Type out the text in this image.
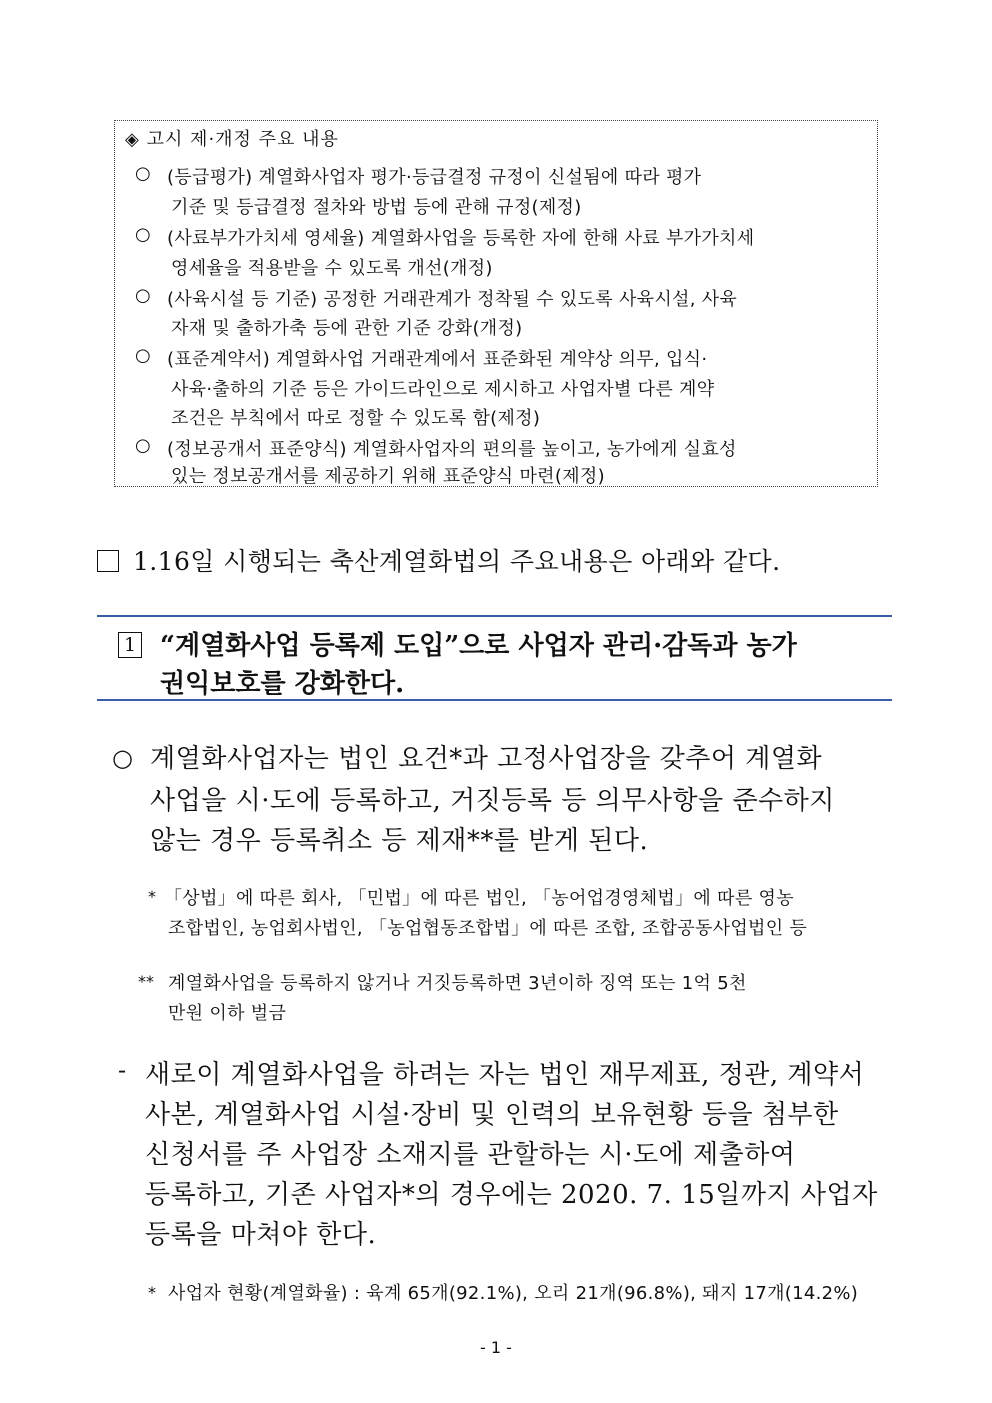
◈ 고시 제·개정 주요 내용
○ (등급평가) 계열화사업자 평가·등급결정 규정이 신설됨에 따라 평가
기준 및 등급결정 절차와 방법 등에 관해 규정(제정)
○ (사료부가가치세 영세율) 계열화사업을 등록한 자에 한해 사료 부가가치세
영세율을 적용받을 수 있도록 개선(개정)
○ (사육시설 등 기준) 공정한 거래관계가 정착될 수 있도록 사육시설, 사육
자재 및 출하가축 등에 관한 기준 강화(개정)
○ (표준계약서) 계열화사업 거래관계에서 표준화된 계약상 의무, 입식·
사육·출하의 기준 등은 가이드라인으로 제시하고 사업자별 다른 계약
조건은 부칙에서 따로 정할 수 있도록 함(제정)
○ (정보공개서 표준양식) 계열화사업자의 편의를 높이고, 농가에게 실효성
있는 정보공개서를 제공하기 위해 표준양식 마련(제정)
1.16일 시행되는 축산계열화법의 주요내용은 아래와 같다.
1 “계열화사업 등록제 도입”으로 사업자 관리·감독과 농가
권익보호를 강화한다.
○ 계열화사업자는 법인 요건*과 고정사업장을 갖추어 계열화
사업을 시·도에 등록하고, 거짓등록 등 의무사항을 준수하지
않는 경우 등록취소 등 제재**를 받게 된다.
* 「상법」에 따른 회사, 「민법」에 따른 법인, 「농어업경영체법」에 따른 영농
조합법인, 농업회사법인, 「농업협동조합법」에 따른 조합, 조합공동사업법인 등
** 계열화사업을 등록하지 않거나 거짓등록하면 3년이하 징역 또는 1억 5천
만원 이하 벌금
- 새로이 계열화사업을 하려는 자는 법인 재무제표, 정관, 계약서
사본, 계열화사업 시설·장비 및 인력의 보유현황 등을 첨부한
신청서를 주 사업장 소재지를 관할하는 시·도에 제출하여
등록하고, 기존 사업자*의 경우에는 2020. 7. 15일까지 사업자
등록을 마쳐야 한다.
* 사업자 현황(계열화율) : 육계 65개(92.1%), 오리 21개(96.8%), 돼지 17개(14.2%)
- 1 -
